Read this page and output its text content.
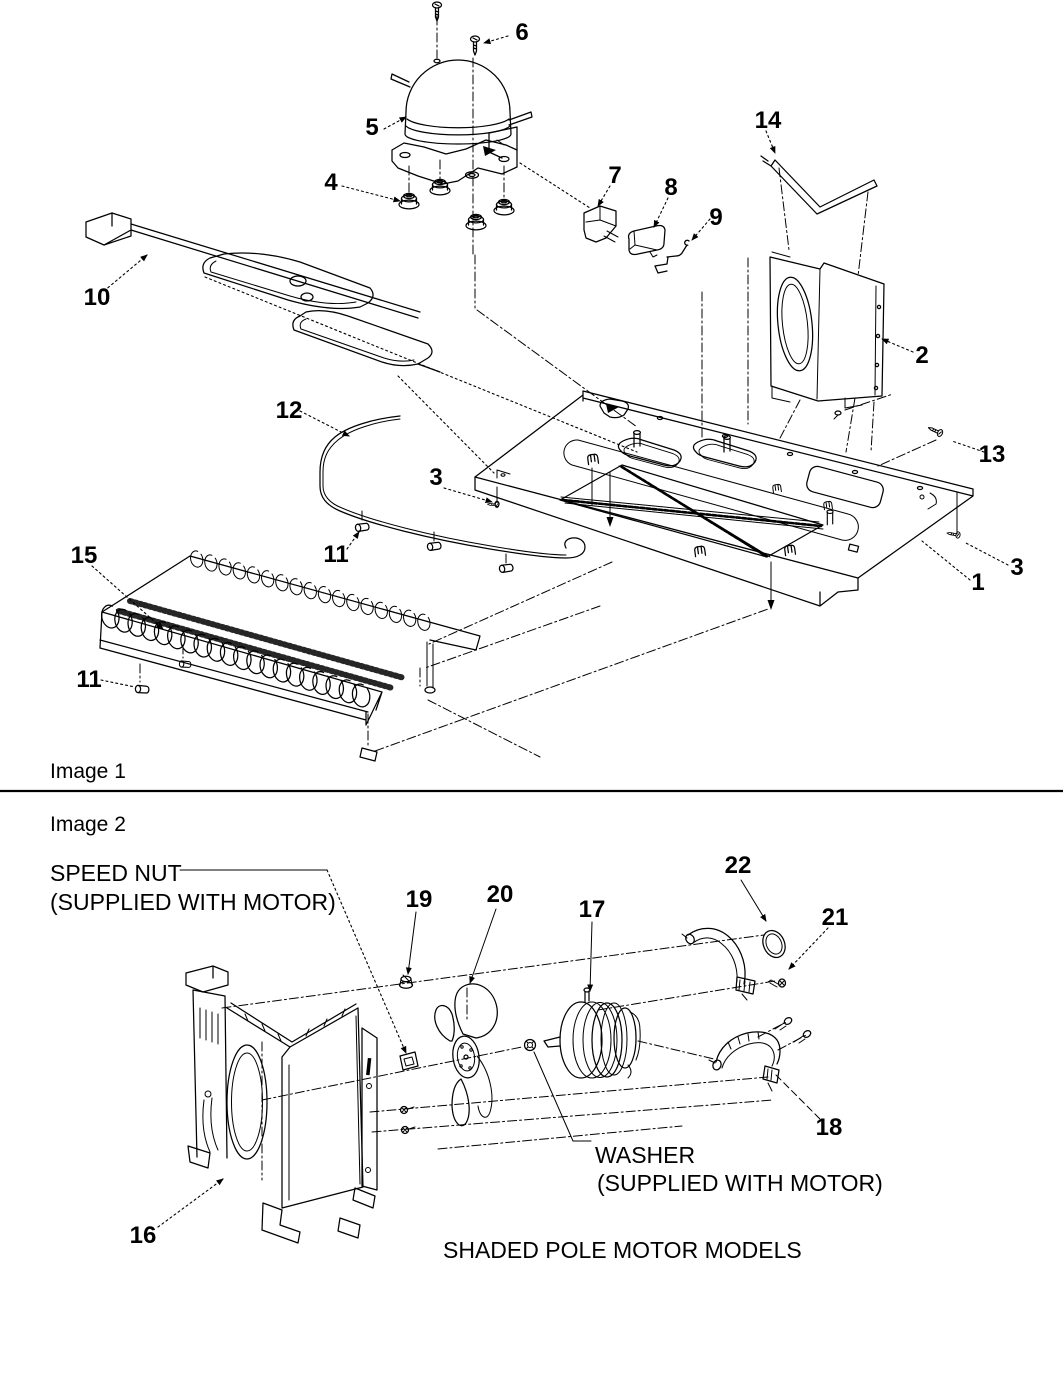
6
5
4	7 8
9
14
2
10
12
3
11
13
3
1
15
11
Image 1
Image 2
19 20
17
22
21
18
16
SPEED NUT
(SUPPLIED WITH MOTOR)
WASHER
(SUPPLIED WITH MOTOR)
SHADED POLE MOTOR MODELS
